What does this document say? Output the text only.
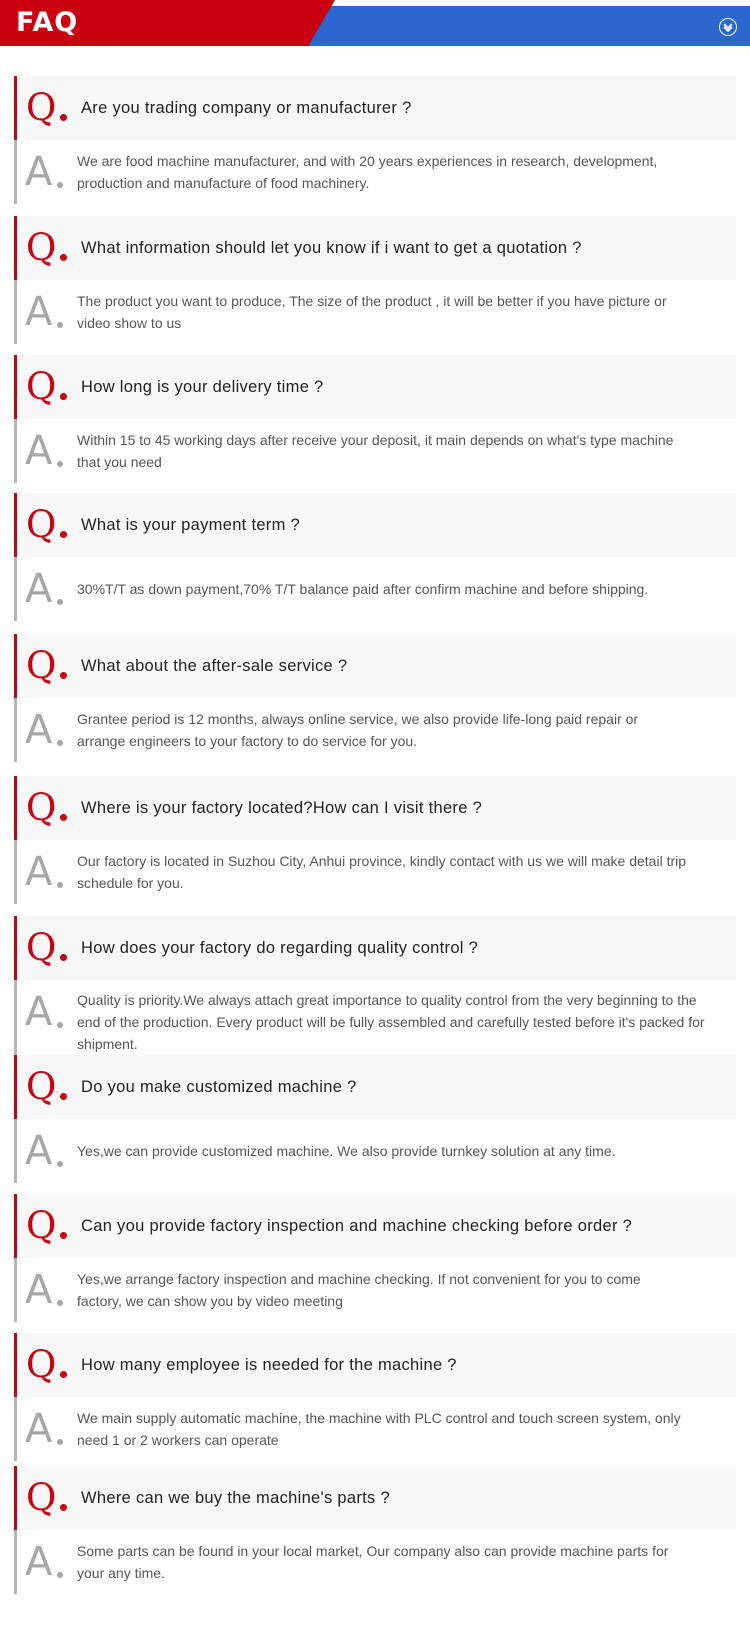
FAQ
Q Are you trading company or manufacturer ?
A We are food machine manufacturer, and with 20 years experiences in research, development, production and manufacture of food machinery.
Q What information should let you know if i want to get a quotation ?
A The product you want to produce, The size of the product , it will be better if you have picture or video show to us
Q How long is your delivery time ?
A Within 15 to 45 working days after receive your deposit, it main depends on what's type machine that you need
Q What is your payment term ?
A 30%T/T as down payment,70% T/T balance paid after confirm machine and before shipping.
Q What about the after-sale service ?
A Grantee period is 12 months, always online service, we also provide life-long paid repair or arrange engineers to your factory to do service for you.
Q Where is your factory located?How can I visit there ?
A Our factory is located in Suzhou City, Anhui province, kindly contact with us we will make detail trip schedule for you.
Q How does your factory do regarding quality control ?
A Quality is priority.We always attach great importance to quality control from the very beginning to the end of the production. Every product will be fully assembled and carefully tested before it's packed for shipment.
Q Do you make customized machine ?
A Yes,we can provide customized machine. We also provide turnkey solution at any time.
Q Can you provide factory inspection and machine checking before order ?
A Yes,we arrange factory inspection and machine checking. If not convenient for you to come factory, we can show you by video meeting
Q How many employee is needed for the machine ?
A We main supply automatic machine, the machine with PLC control and touch screen system, only need 1 or 2 workers can operate
Q Where can we buy the machine's parts ?
A Some parts can be found in your local market, Our company also can provide machine parts for your any time.
